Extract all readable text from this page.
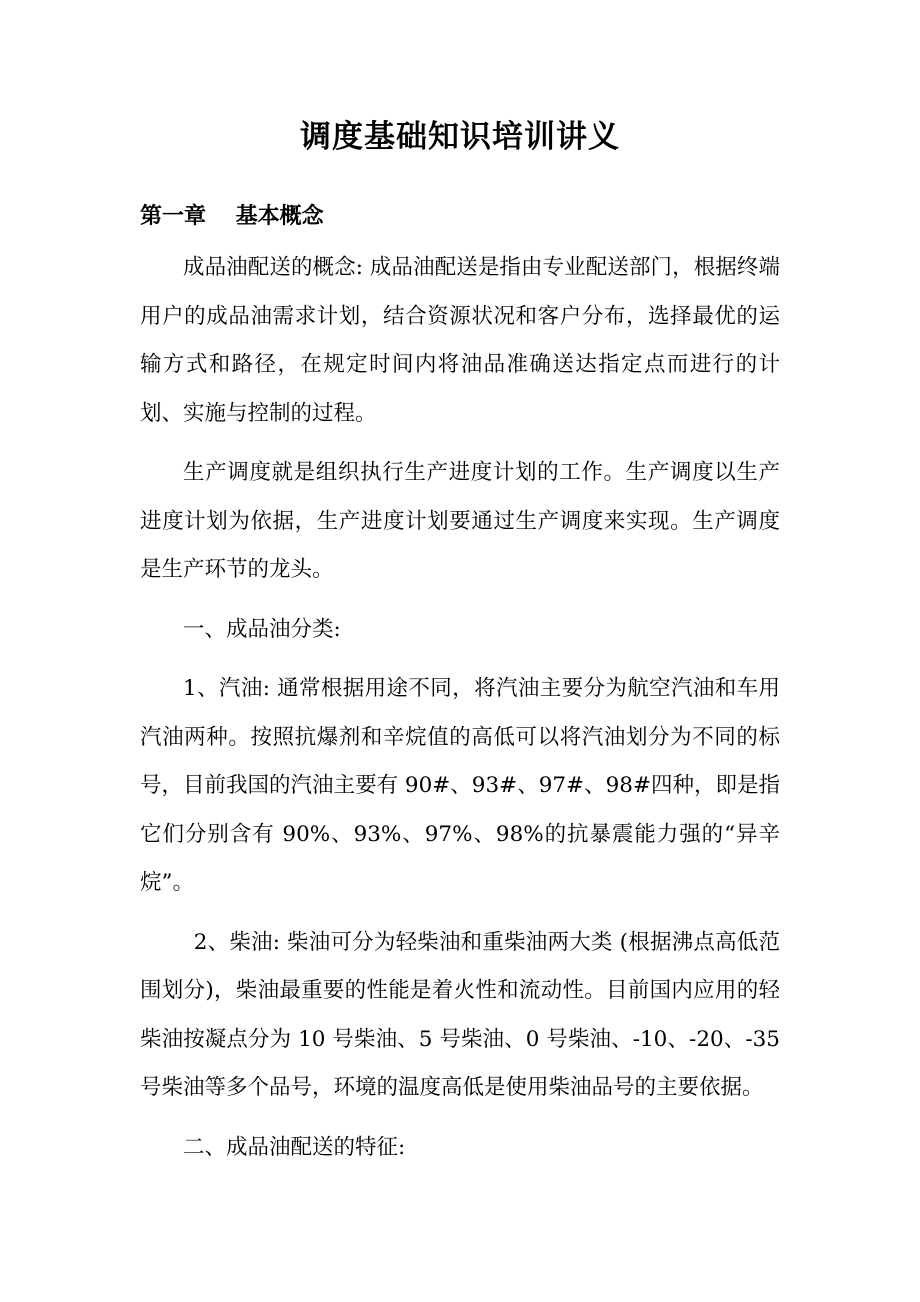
调度基础知识培训讲义
第一章　 基本概念

成品油配送的概念: 成品油配送是指由专业配送部门，根据终端用户的成品油需求计划，结合资源状况和客户分布，选择最优的运输方式和路径，在规定时间内将油品准确送达指定点而进行的计划、实施与控制的过程。

生产调度就是组织执行生产进度计划的工作。生产调度以生产进度计划为依据，生产进度计划要通过生产调度来实现。生产调度是生产环节的龙头。

一、成品油分类:

1、汽油: 通常根据用途不同，将汽油主要分为航空汽油和车用汽油两种。按照抗爆剂和辛烷值的高低可以将汽油划分为不同的标号，目前我国的汽油主要有 90#、93#、97#、98#四种，即是指它们分别含有 90%、93%、97%、98%的抗暴震能力强的“异辛烷”。

2、柴油: 柴油可分为轻柴油和重柴油两大类 (根据沸点高低范围划分)，柴油最重要的性能是着火性和流动性。目前国内应用的轻柴油按凝点分为 10 号柴油、5 号柴油、0 号柴油、-10、-20、-35 号柴油等多个品号，环境的温度高低是使用柴油品号的主要依据。

二、成品油配送的特征:
